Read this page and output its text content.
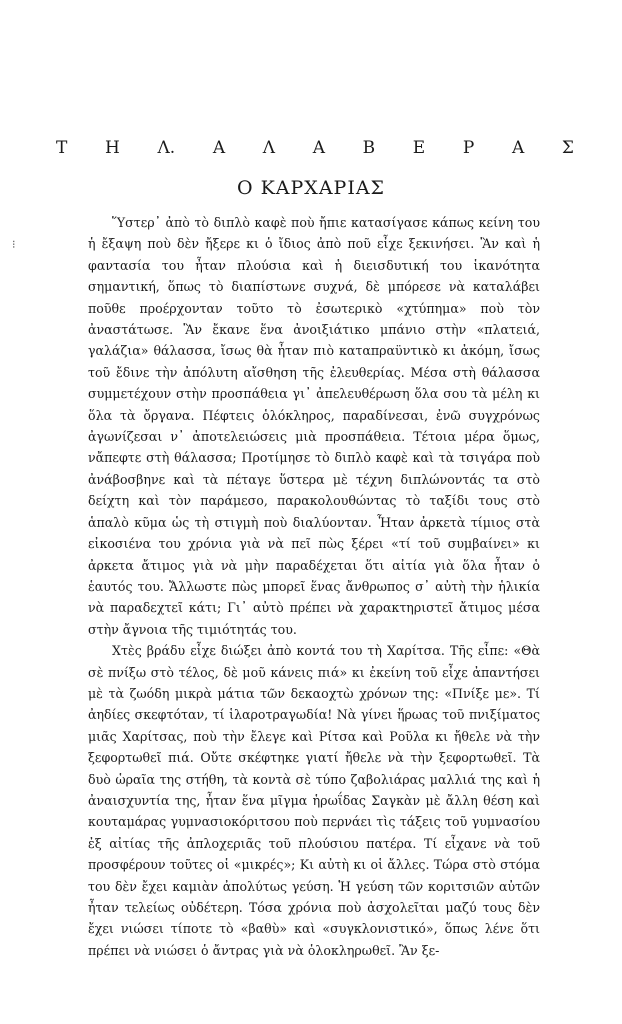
Τ Η Λ. Α Λ Α Β Ε Ρ Α Σ
Ο ΚΑΡΧΑΡΙΑΣ
⁝

Ὕστερ᾽ ἀπὸ τὸ διπλὸ καφὲ ποὺ ἤπιε κατασίγασε κάπως κείνη του ἡ ἔξαψη ποὺ δὲν ἤξερε κι ὁ ἴδιος ἀπὸ ποῦ εἶχε ξεκινήσει. Ἂν καὶ ἡ φαντασία του ἦταν πλούσια καὶ ἡ διεισδυτική του ἱκανότητα σημαντική, ὅπως τὸ διαπίστωνε συχνά, δὲ μπόρεσε νὰ καταλάβει πoῦθε προέρχονταν τοῦτο τὸ ἐσωτερικὸ «χτύπημα» ποὺ τὸν ἀναστάτωσε. Ἂν ἔκανε ἕνα ἀνοιξιάτικο μπάνιο στὴν «πλατειά, γαλάζια» θάλασσα, ἴσως θὰ ἦταν πιὸ καταπραϋντικὸ κι ἀκόμη, ἴσως τοῦ ἔδινε τὴν ἀπόλυτη αἴσθηση τῆς ἐλευθερίας. Μέσα στὴ θάλασσα συμμετέχουν στὴν προσπάθεια γι᾽ ἀπελευθέρωση ὅλα σου τὰ μέλη κι ὅλα τὰ ὄργανα. Πέφτεις ὁλόκληρος, παραδίνεσαι, ἐνῶ συγχρόνως ἀγωνίζεσαι ν᾽ ἀποτελειώσεις μιὰ προσπάθεια. Τέτοια μέρα ὅμως, νἄπεφτε στὴ θάλασσα; Προτίμησε τὸ διπλὸ καφὲ καὶ τὰ τσιγάρα ποὺ ἀνάβοσβηνε καὶ τὰ πέταγε ὕστερα μὲ τέχνη διπλώνοντάς τα στὸ δείχτη καὶ τὸν παράμεσο, παρακολουθώντας τὸ ταξίδι τους στὸ ἁπαλὸ κῦμα ὡς τὴ στιγμὴ ποὺ διαλύονταν. Ἦταν ἀρκετὰ τίμιος στὰ εἰκοσιένα του χρόνια γιὰ νὰ πεῖ πὼς ξέρει «τί τοῦ συμβαίνει» κι ἀρκετα ἄτιμος γιὰ νὰ μὴν παραδέχεται ὅτι αἰτία γιὰ ὅλα ἦταν ὁ ἑαυτός του. Ἄλλωστε πὼς μπορεῖ ἕνας ἄνθρωπος σ᾽ αὐτὴ τὴν ἡλικία νὰ παραδεχτεῖ κάτι; Γι᾽ αὐτὸ πρέπει νὰ χαρακτηριστεῖ ἄτιμος μέσα στὴν ἄγνοια τῆς τιμιότητάς του.

Χτὲς βράδυ εἶχε διώξει ἀπὸ κοντά του τὴ Χαρίτσα. Τῆς εἶπε: «Θὰ σὲ πνίξω στὸ τέλος, δὲ μοῦ κάνεις πιά» κι ἐκείνη τοῦ εἶχε ἀπαντήσει μὲ τὰ ζωόδη μικρὰ μάτια τῶν δεκαοχτὼ χρόνων της: «Πνίξε με». Τί ἀηδίες σκεφτόταν, τί ἱλαροτραγωδία! Νὰ γίνει ἥρωας τοῦ πνιξίματος μιᾶς Χαρίτσας, ποὺ τὴν ἔλεγε καὶ Ρίτσα καὶ Ροῦλα κι ἤθελε νὰ τὴν ξεφορτωθεῖ πιά. Οὔτε σκέφτηκε γιατί ἤθελε νὰ τὴν ξεφορτωθεῖ. Τὰ δυὸ ὡραῖα της στήθη, τὰ κοντὰ σὲ τύπο ζαβολιάρας μαλλιά της καὶ ἡ ἀναισχυντία της, ἦταν ἕνα μῖγμα ἡρωΐδας Σαγκὰν μὲ ἄλλη θέση καὶ κουταμάρας γυμνασιοκόριτσου ποὺ περνάει τὶς τάξεις τοῦ γυμνασίου ἐξ αἰτίας τῆς ἀπλοχεριᾶς τοῦ πλούσιου πατέρα. Τί εἶχανε νὰ τοῦ προσφέρουν τοῦτες οἱ «μικρές»; Κι αὐτὴ κι οἱ ἄλλες. Τώρα στὸ στόμα του δὲν ἔχει καμιὰν ἀπολύτως γεύση. Ἡ γεύση τῶν κοριτσιῶν αὐτῶν ἦταν τελείως οὐδέτερη. Τόσα χρόνια ποὺ ἀσχολεῖται μαζύ τους δὲν ἔχει νιώσει τίποτε τὸ «βαθὺ» καὶ «συγκλονιστικό», ὅπως λένε ὅτι πρέπει νὰ νιώσει ὁ ἄντρας γιὰ νὰ ὁλοκληρωθεῖ. Ἂν ξε-
